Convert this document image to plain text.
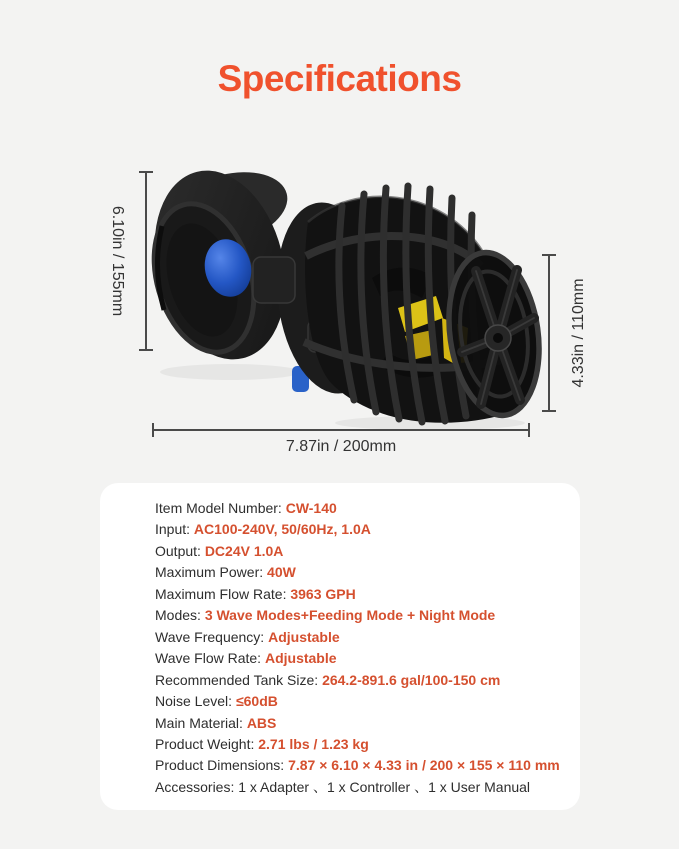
Specifications
6.10in / 155mm
4.33in / 110mm
7.87in / 200mm
Item Model Number: CW-140
Input: AC100-240V, 50/60Hz, 1.0A
Output: DC24V 1.0A
Maximum Power: 40W
Maximum Flow Rate: 3963 GPH
Modes: 3 Wave Modes+Feeding Mode + Night Mode
Wave Frequency: Adjustable
Wave Flow Rate: Adjustable
Recommended Tank Size: 264.2-891.6 gal/100-150 cm
Noise Level: ≤60dB
Main Material: ABS
Product Weight: 2.71 lbs / 1.23 kg
Product Dimensions: 7.87 × 6.10 × 4.33 in / 200 × 155 × 110 mm
Accessories: 1 x Adapter 、1 x Controller 、1 x User Manual
